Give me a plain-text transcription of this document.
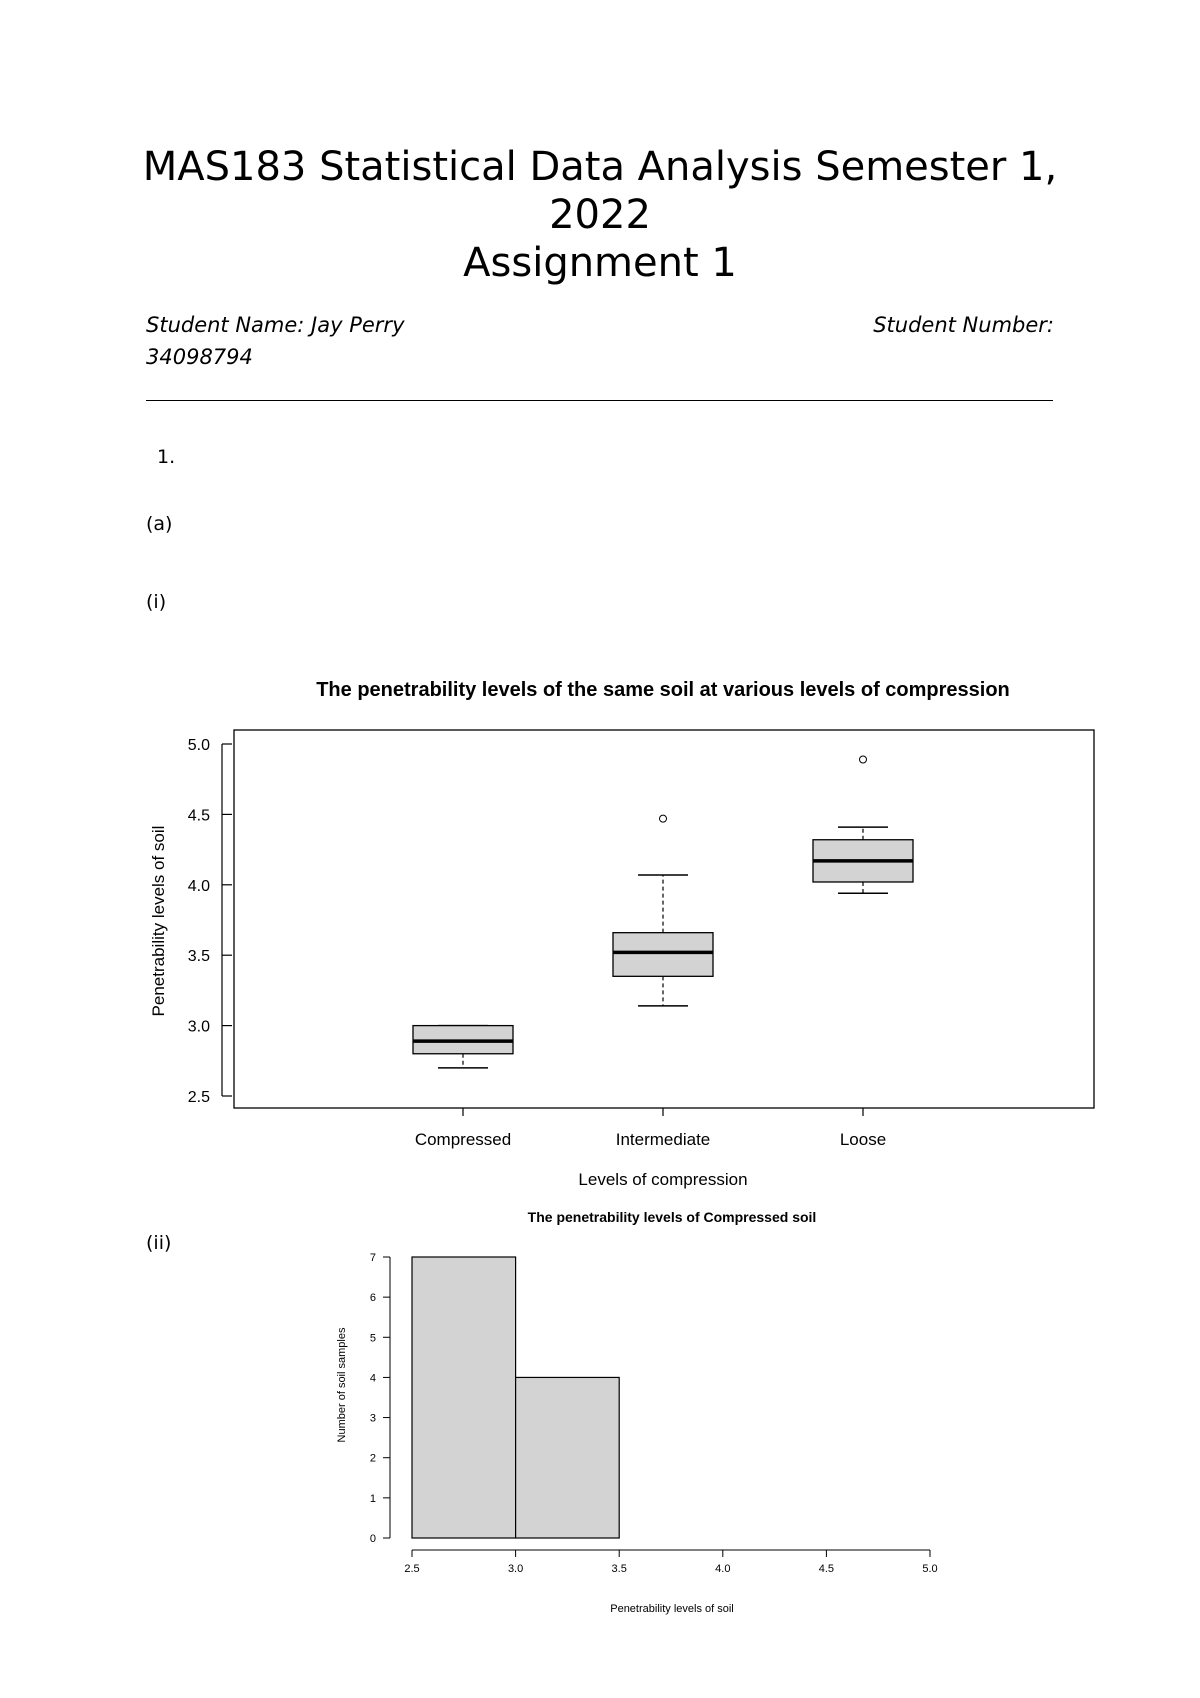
MAS183 Statistical Data Analysis Semester 1,
2022
Assignment 1
Student Name: Jay Perry	Student Number:
34098794
1.
(a)
(i)
(ii)
The penetrability levels of the same soil at various levels of compression
Penetrability levels of soil
Levels of compression
2.5
3.0
3.5
4.0
4.5
5.0
Compressed	Intermediate	Loose
The penetrability levels of Compressed soil
Number of soil samples
Penetrability levels of soil
0
1
2
3
4
5
6
7
2.5	3.0	3.5	4.0	4.5	5.0
